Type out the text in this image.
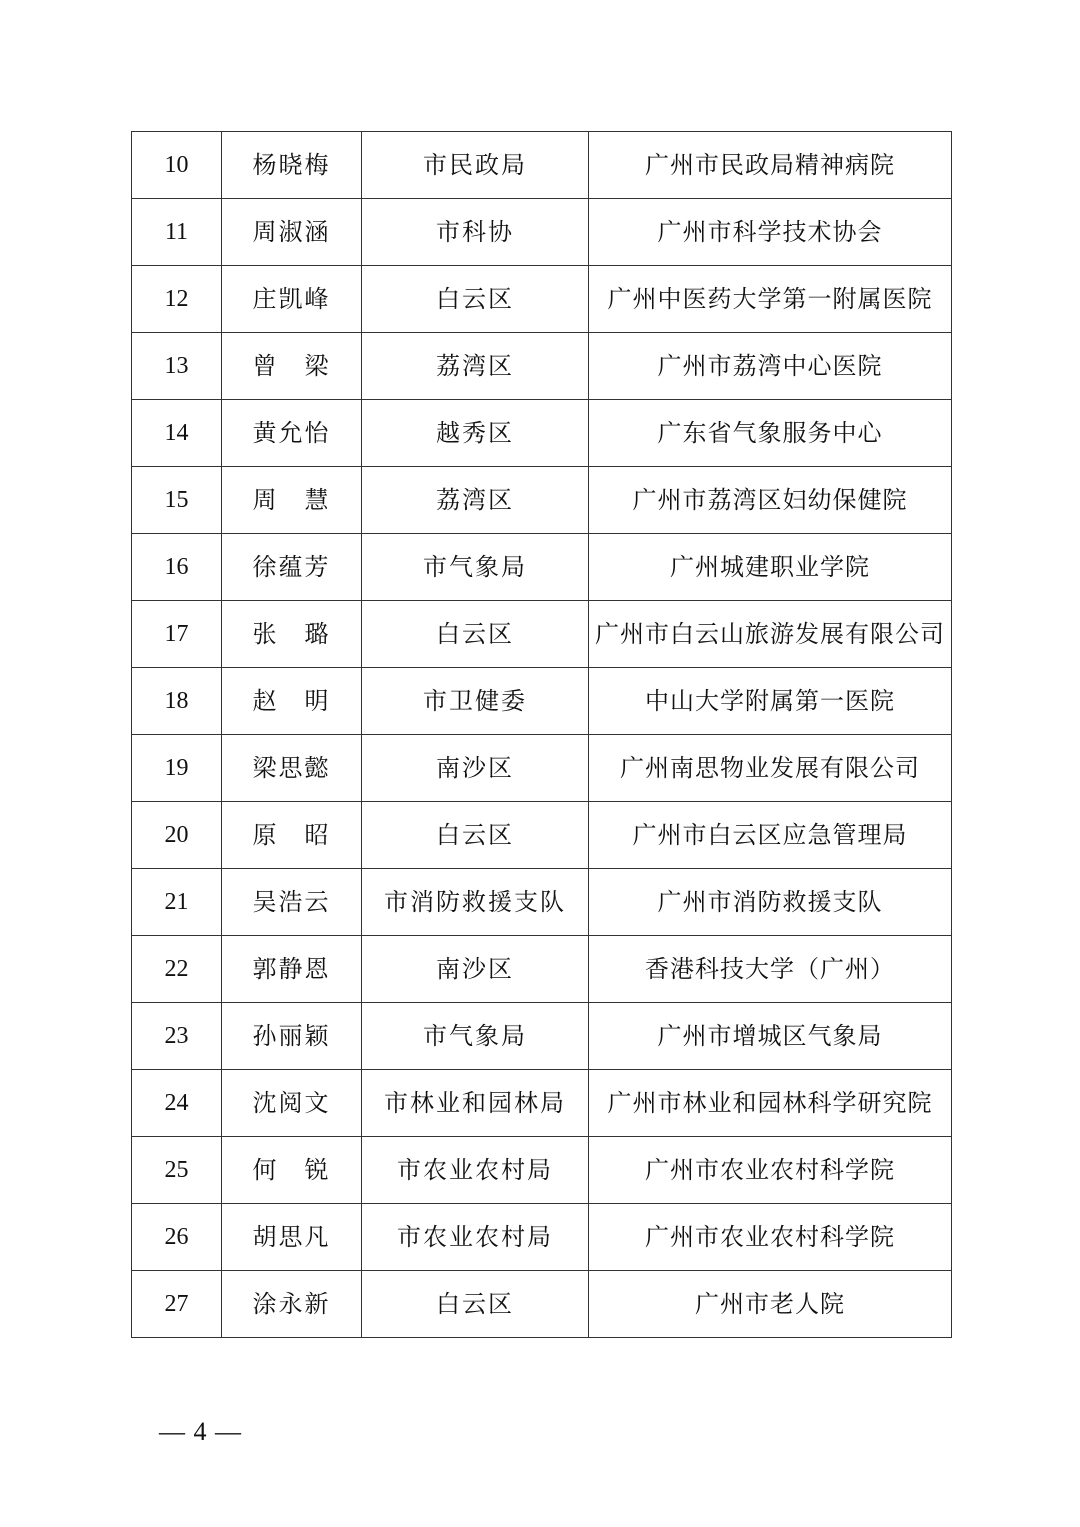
10	杨晓梅	市民政局	广州市民政局精神病院
11	周淑涵	市科协	广州市科学技术协会
12	庄凯峰	白云区	广州中医药大学第一附属医院
13	曾　梁	荔湾区	广州市荔湾中心医院
14	黄允怡	越秀区	广东省气象服务中心
15	周　慧	荔湾区	广州市荔湾区妇幼保健院
16	徐蕴芳	市气象局	广州城建职业学院
17	张　璐	白云区	广州市白云山旅游发展有限公司
18	赵　明	市卫健委	中山大学附属第一医院
19	梁思懿	南沙区	广州南思物业发展有限公司
20	原　昭	白云区	广州市白云区应急管理局
21	吴浩云	市消防救援支队	广州市消防救援支队
22	郭静恩	南沙区	香港科技大学（广州）
23	孙丽颖	市气象局	广州市增城区气象局
24	沈阅文	市林业和园林局	广州市林业和园林科学研究院
25	何　锐	市农业农村局	广州市农业农村科学院
26	胡思凡	市农业农村局	广州市农业农村科学院
27	涂永新	白云区	广州市老人院
— 4 —
